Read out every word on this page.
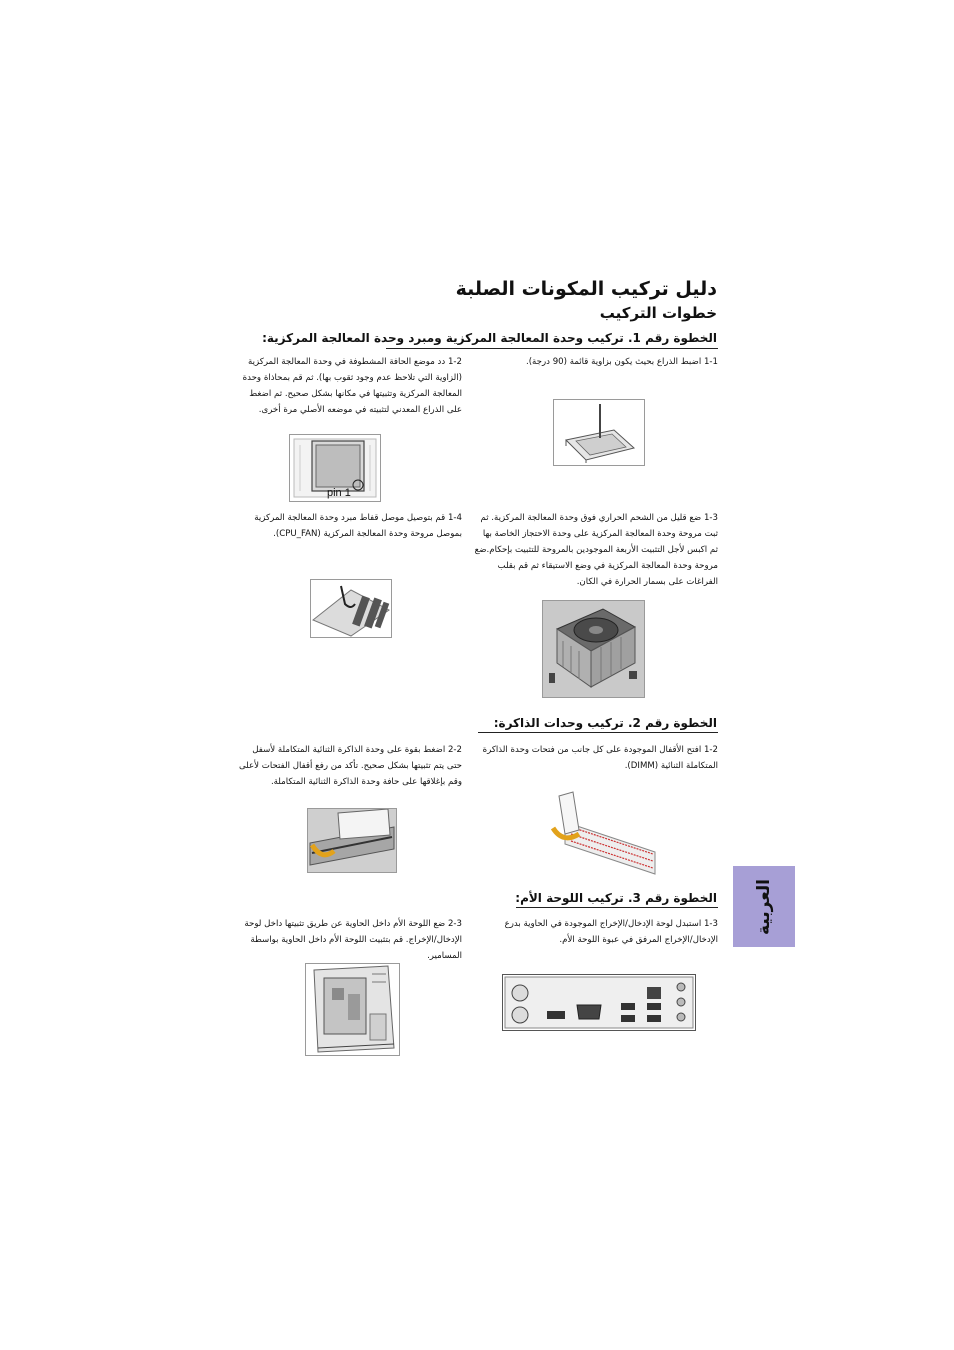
دليل تركيب المكونات الصلبة
خطوات التركيب
الخطوة رقم 1. تركيب وحدة المعالجة المركزية ومبرد وحدة المعالجة المركزية:
1-1 اضبط الذراع بحيث يكون بزاوية قائمة (90 درجة).
1-2 دد موضع الحافة المشطوفة في وحدة المعالجة المركزية (الزاوية التي تلاحظ عدم وجود ثقوب بها). ثم قم بمحاذاة وحدة المعالجة المركزية وتثبيتها في مكانها بشكل صحيح. ثم اضغط على الذراع المعدني لتثبيته في موضعه الأصلي مرة أخرى.
pin 1
1-3 ضع قليل من الشحم الحراري فوق وحدة المعالجة المركزية. ثم ثبت مروحة وحدة المعالجة المركزية على وحدة الاحتجاز الخاصة بها ثم اكبس لأجل التثبيت الأربعة الموجودين بالمروحة للتثبيت بإحكام.ضع مروحة وحدة المعالجة المركزية في وضع الاستيقاء ثم قم بقلب الفراغات على بسمار الحرارة في الكان.
1-4 قم بتوصيل موصل قفاط مبرد وحدة المعالجة المركزية بموصل مروحة وحدة المعالجة المركزية (CPU_FAN).
الخطوة رقم 2. تركيب وحدات الذاكرة:
1-2 افتح الأقفال الموجودة على كل جانب من فتحات وحدة الذاكرة المتكاملة الثنائية (DIMM).
2-2 اضغط بقوة على وحدة الذاكرة الثنائية المتكاملة لأسفل حتى يتم تثبيتها بشكل صحيح. تأكد من رفع أقفال الفتحات لأعلى وقم بإغلاقها على حافة وحدة الذاكرة الثنائية المتكاملة.
الخطوة رقم 3. تركيب اللوحة الأم:
1-3 استبدل لوحة الإدخال/الإخراج الموجودة في الحاوية بدرع الإدخال/الإخراج المرفق في عبوة اللوحة الأم.
2-3 ضع اللوحة الأم داخل الحاوية عن طريق تثبيتها داخل لوحة الإدخال/الإخراج. قم بتثبيت اللوحة الأم داخل الحاوية بواسطة المسامير.
العربية
